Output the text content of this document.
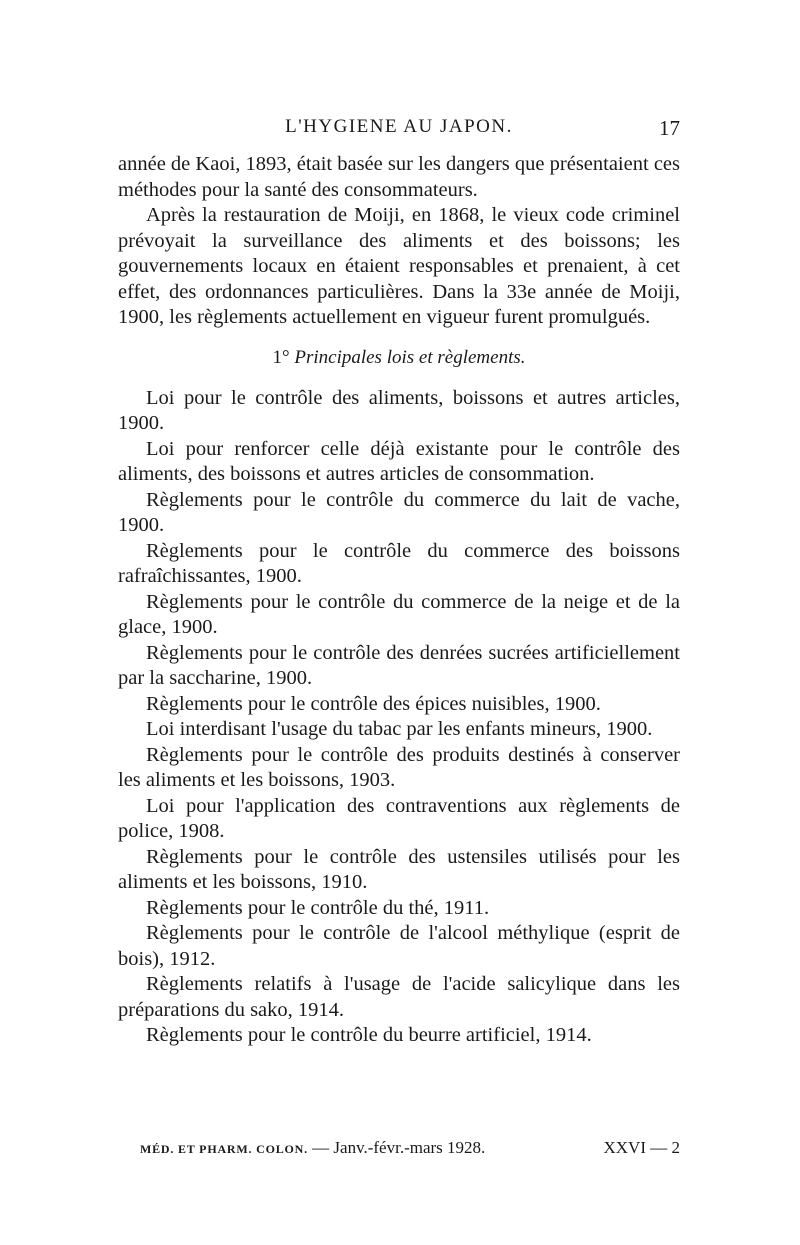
L'HYGIENE AU JAPON.	17

année de Kaoi, 1893, était basée sur les dangers que présentaient ces méthodes pour la santé des consommateurs.

Après la restauration de Moiji, en 1868, le vieux code criminel prévoyait la surveillance des aliments et des boissons; les gouvernements locaux en étaient responsables et prenaient, à cet effet, des ordonnances particulières. Dans la 33e année de Moiji, 1900, les règlements actuellement en vigueur furent promulgués.

1° Principales lois et règlements.

Loi pour le contrôle des aliments, boissons et autres articles, 1900.

Loi pour renforcer celle déjà existante pour le contrôle des aliments, des boissons et autres articles de consommation.

Règlements pour le contrôle du commerce du lait de vache, 1900.

Règlements pour le contrôle du commerce des boissons rafraîchissantes, 1900.

Règlements pour le contrôle du commerce de la neige et de la glace, 1900.

Règlements pour le contrôle des denrées sucrées artificiellement par la saccharine, 1900.

Règlements pour le contrôle des épices nuisibles, 1900.

Loi interdisant l'usage du tabac par les enfants mineurs, 1900.

Règlements pour le contrôle des produits destinés à conserver les aliments et les boissons, 1903.

Loi pour l'application des contraventions aux règlements de police, 1908.

Règlements pour le contrôle des ustensiles utilisés pour les aliments et les boissons, 1910.

Règlements pour le contrôle du thé, 1911.

Règlements pour le contrôle de l'alcool méthylique (esprit de bois), 1912.

Règlements relatifs à l'usage de l'acide salicylique dans les préparations du sako, 1914.

Règlements pour le contrôle du beurre artificiel, 1914.

MÉD. ET PHARM. COLON. — Janv.-févr.-mars 1928.	XXVI — 2
